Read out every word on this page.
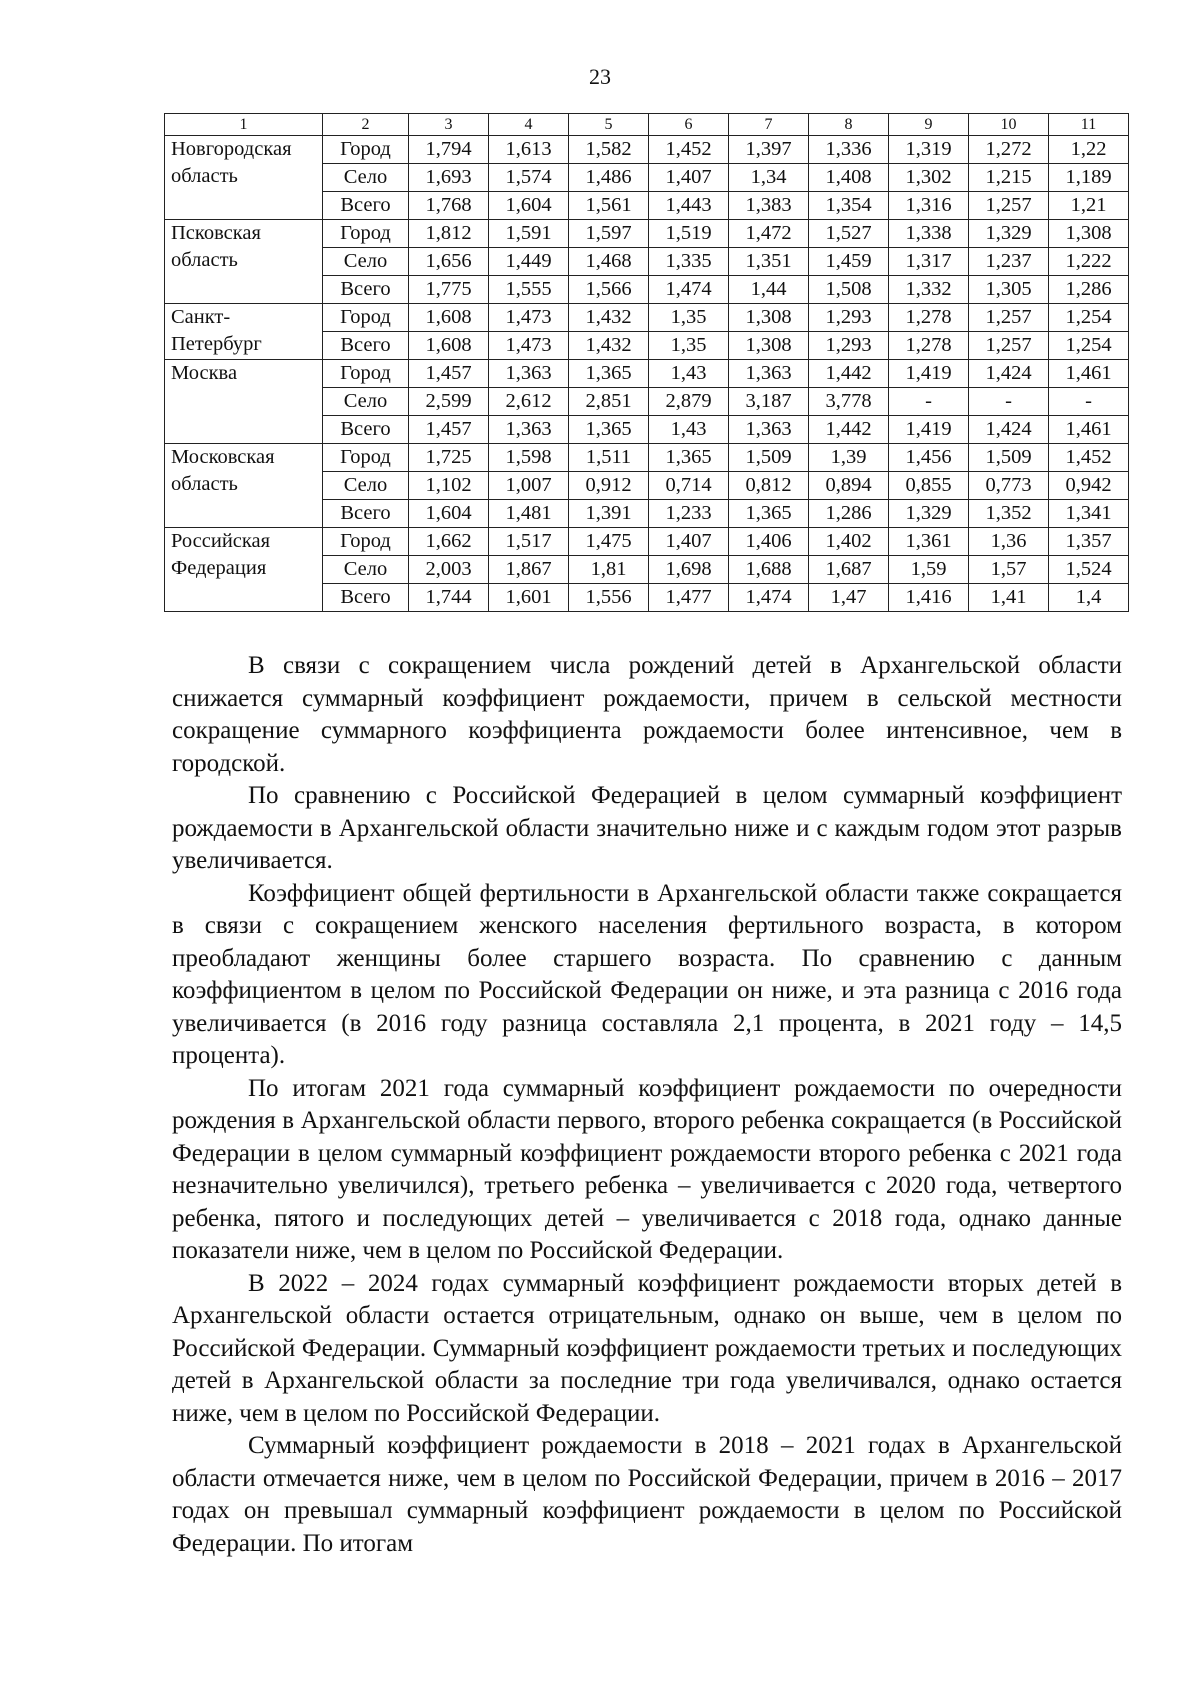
23
1	2	3	4	5	6	7	8	9	10	11
Новгородская область	Город	1,794	1,613	1,582	1,452	1,397	1,336	1,319	1,272	1,22
	Село	1,693	1,574	1,486	1,407	1,34	1,408	1,302	1,215	1,189
	Всего	1,768	1,604	1,561	1,443	1,383	1,354	1,316	1,257	1,21
Псковская область	Город	1,812	1,591	1,597	1,519	1,472	1,527	1,338	1,329	1,308
	Село	1,656	1,449	1,468	1,335	1,351	1,459	1,317	1,237	1,222
	Всего	1,775	1,555	1,566	1,474	1,44	1,508	1,332	1,305	1,286
Санкт-Петербург	Город	1,608	1,473	1,432	1,35	1,308	1,293	1,278	1,257	1,254
	Всего	1,608	1,473	1,432	1,35	1,308	1,293	1,278	1,257	1,254
Москва	Город	1,457	1,363	1,365	1,43	1,363	1,442	1,419	1,424	1,461
	Село	2,599	2,612	2,851	2,879	3,187	3,778	-	-	-
	Всего	1,457	1,363	1,365	1,43	1,363	1,442	1,419	1,424	1,461
Московская область	Город	1,725	1,598	1,511	1,365	1,509	1,39	1,456	1,509	1,452
	Село	1,102	1,007	0,912	0,714	0,812	0,894	0,855	0,773	0,942
	Всего	1,604	1,481	1,391	1,233	1,365	1,286	1,329	1,352	1,341
Российская Федерация	Город	1,662	1,517	1,475	1,407	1,406	1,402	1,361	1,36	1,357
	Село	2,003	1,867	1,81	1,698	1,688	1,687	1,59	1,57	1,524
	Всего	1,744	1,601	1,556	1,477	1,474	1,47	1,416	1,41	1,4

В связи с сокращением числа рождений детей в Архангельской области снижается суммарный коэффициент рождаемости, причем в сельской местности сокращение суммарного коэффициента рождаемости более интенсивное, чем в городской.

По сравнению с Российской Федерацией в целом суммарный коэффициент рождаемости в Архангельской области значительно ниже и с каждым годом этот разрыв увеличивается.

Коэффициент общей фертильности в Архангельской области также сокращается в связи с сокращением женского населения фертильного возраста, в котором преобладают женщины более старшего возраста. По сравнению с данным коэффициентом в целом по Российской Федерации он ниже, и эта разница с 2016 года увеличивается (в 2016 году разница составляла 2,1 процента, в 2021 году – 14,5 процента).

По итогам 2021 года суммарный коэффициент рождаемости по очередности рождения в Архангельской области первого, второго ребенка сокращается (в Российской Федерации в целом суммарный коэффициент рождаемости второго ребенка с 2021 года незначительно увеличился), третьего ребенка – увеличивается с 2020 года, четвертого ребенка, пятого и последующих детей – увеличивается с 2018 года, однако данные показатели ниже, чем в целом по Российской Федерации.

В 2022 – 2024 годах суммарный коэффициент рождаемости вторых детей в Архангельской области остается отрицательным, однако он выше, чем в целом по Российской Федерации. Суммарный коэффициент рождаемости третьих и последующих детей в Архангельской области за последние три года увеличивался, однако остается ниже, чем в целом по Российской Федерации.

Суммарный коэффициент рождаемости в 2018 – 2021 годах в Архангельской области отмечается ниже, чем в целом по Российской Федерации, причем в 2016 – 2017 годах он превышал суммарный коэффициент рождаемости в целом по Российской Федерации. По итогам
